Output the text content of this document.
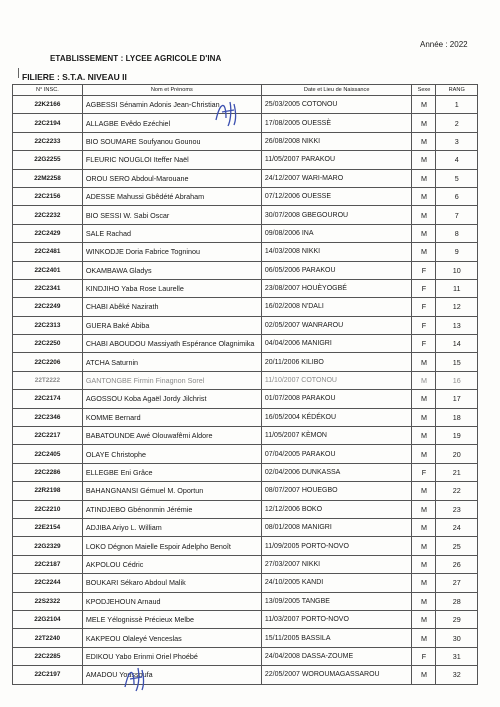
Année : 2022
ETABLISSEMENT : LYCEE AGRICOLE D'INA
FILIERE : S.T.A. NIVEAU II
N° INSC.	Nom et Prénoms	Date et Lieu de Naissance	Sexe	RANG
22K2166	AGBESSI Sénamin Adonis Jean-Christian	25/03/2005 COTONOU	M	1
22C2194	ALLAGBE Evêdo Ezéchiel	17/08/2005 OUESSÈ	M	2
22C2233	BIO SOUMARE Soufyanou Gounou	26/08/2008 NIKKI	M	3
22G2255	FLEURIC NOUGLOI Iteffer Naël	11/05/2007 PARAKOU	M	4
22M2258	OROU SERO Abdoul-Marouane	24/12/2007 WARI-MARO	M	5
22C2156	ADESSE Mahussi Gbêdété Abraham	07/12/2006 OUESSE	M	6
22C2232	BIO SESSI W. Sabi Oscar	30/07/2008 GBEGOUROU	M	7
22C2429	SALE Rachad	09/08/2006 INA	M	8
22C2481	WINKODJE Doria Fabrice Togninou	14/03/2008 NIKKI	M	9
22C2401	OKAMBAWA Gladys	06/05/2006 PARAKOU	F	10
22C2341	KINDJIHO Yaba Rose Laurelle	23/08/2007 HOUÈYOGBÉ	F	11
22C2249	CHABI Abêké Nazirath	16/02/2008 N'DALI	F	12
22C2313	GUERA Baké Abiba	02/05/2007 WANRAROU	F	13
22C2250	CHABI ABOUDOU Massiyath Espérance Olagnimika	04/04/2006 MANIGRI	F	14
22C2206	ATCHA Saturnin	20/11/2006 KILIBO	M	15
22T2222	GANTONGBE Firmin Finagnon Sorel	11/10/2007 COTONOU	M	16
22C2174	AGOSSOU Koba Agaël Jordy Jilchrist	01/07/2008 PARAKOU	M	17
22C2346	KOMME Bernard	16/05/2004 KÉDÉKOU	M	18
22C2217	BABATOUNDE Awé Olouwafêmi Aldore	11/05/2007 KÈMON	M	19
22C2405	OLAYE Christophe	07/04/2005 PARAKOU	M	20
22C2286	ELLEGBE Eni Grâce	02/04/2006 DUNKASSA	F	21
22R2198	BAHANGNANSI Gémuel M. Oportun	08/07/2007 HOUEGBO	M	22
22C2210	ATINDJEBO Gbénonmin Jérémie	12/12/2006 BOKO	M	23
22E2154	ADJIBA Ariyo L. William	08/01/2008 MANIGRI	M	24
22G2329	LOKO Dégnon Maielle Espoir Adelpho Benoît	11/09/2005 PORTO-NOVO	M	25
22C2187	AKPOLOU Cédric	27/03/2007 NIKKI	M	26
22C2244	BOUKARI Sékaro Abdoul Malik	24/10/2005 KANDI	M	27
22S2322	KPODJEHOUN Arnaud	13/09/2005 TANGBE	M	28
22G2104	MELE Yélognissè Précieux Melbe	11/03/2007 PORTO-NOVO	M	29
22T2240	KAKPEOU Olaleyé Venceslas	15/11/2005 BASSILA	M	30
22C2285	EDIKOU Yabo Erinmi Oriel Phoébé	24/04/2008 DASSA-ZOUME	F	31
22C2197	AMADOU Youssoufa	22/05/2007 WOROUMAGASSAROU	M	32
